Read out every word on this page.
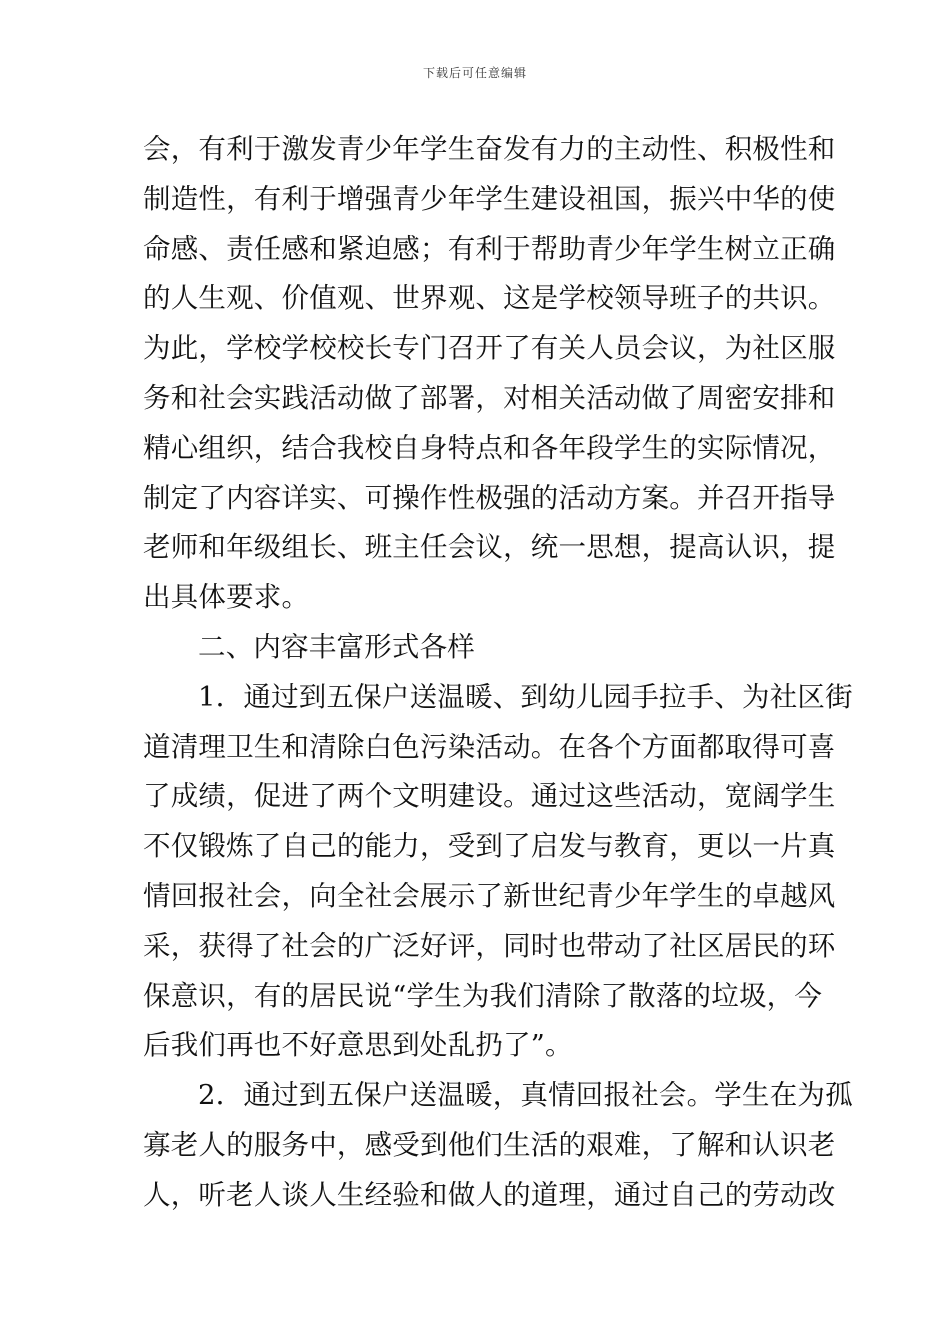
下载后可任意编辑
会，有利于激发青少年学生奋发有力的主动性、积极性和
制造性，有利于增强青少年学生建设祖国，振兴中华的使
命感、责任感和紧迫感；有利于帮助青少年学生树立正确
的人生观、价值观、世界观、这是学校领导班子的共识。
为此，学校学校校长专门召开了有关人员会议，为社区服
务和社会实践活动做了部署，对相关活动做了周密安排和
精心组织，结合我校自身特点和各年段学生的实际情况，
制定了内容详实、可操作性极强的活动方案。并召开指导
老师和年级组长、班主任会议，统一思想，提高认识，提
出具体要求。
二、内容丰富形式各样
1．通过到五保户送温暖、到幼儿园手拉手、为社区街
道清理卫生和清除白色污染活动。在各个方面都取得可喜
了成绩，促进了两个文明建设。通过这些活动，宽阔学生
不仅锻炼了自己的能力，受到了启发与教育，更以一片真
情回报社会，向全社会展示了新世纪青少年学生的卓越风
采，获得了社会的广泛好评，同时也带动了社区居民的环
保意识，有的居民说“学生为我们清除了散落的垃圾，今
后我们再也不好意思到处乱扔了”。
2．通过到五保户送温暖，真情回报社会。学生在为孤
寡老人的服务中，感受到他们生活的艰难，了解和认识老
人，听老人谈人生经验和做人的道理，通过自己的劳动改
